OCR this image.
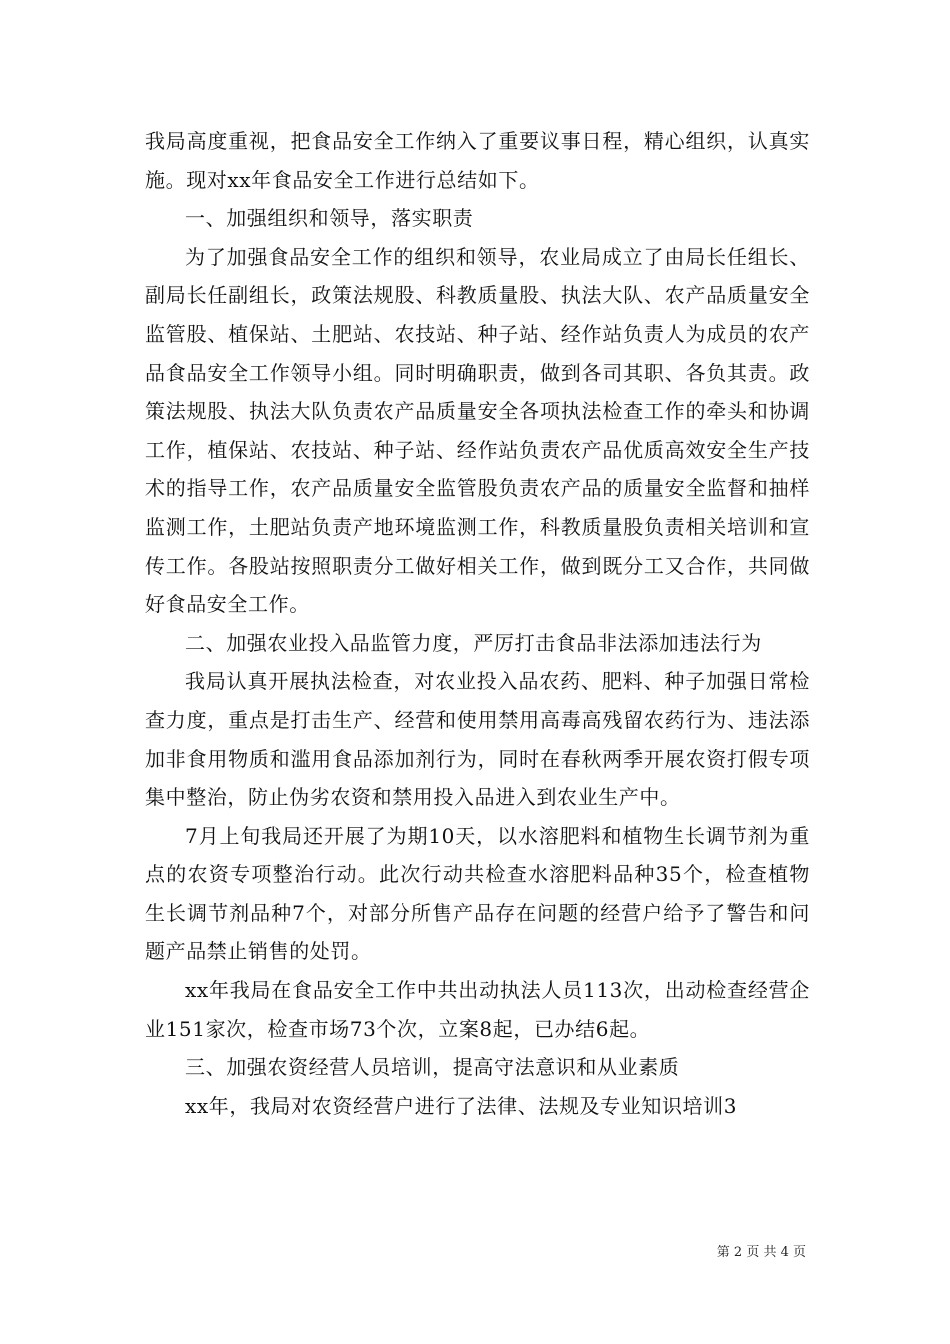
我局高度重视，把食品安全工作纳入了重要议事日程，精心组织，认真实施。现对xx年食品安全工作进行总结如下。

一、加强组织和领导，落实职责

为了加强食品安全工作的组织和领导，农业局成立了由局长任组长、副局长任副组长，政策法规股、科教质量股、执法大队、农产品质量安全监管股、植保站、土肥站、农技站、种子站、经作站负责人为成员的农产品食品安全工作领导小组。同时明确职责，做到各司其职、各负其责。政策法规股、执法大队负责农产品质量安全各项执法检查工作的牵头和协调工作，植保站、农技站、种子站、经作站负责农产品优质高效安全生产技术的指导工作，农产品质量安全监管股负责农产品的质量安全监督和抽样监测工作，土肥站负责产地环境监测工作，科教质量股负责相关培训和宣传工作。各股站按照职责分工做好相关工作，做到既分工又合作，共同做好食品安全工作。

二、加强农业投入品监管力度，严厉打击食品非法添加违法行为

我局认真开展执法检查，对农业投入品农药、肥料、种子加强日常检查力度，重点是打击生产、经营和使用禁用高毒高残留农药行为、违法添加非食用物质和滥用食品添加剂行为，同时在春秋两季开展农资打假专项集中整治，防止伪劣农资和禁用投入品进入到农业生产中。

7月上旬我局还开展了为期10天，以水溶肥料和植物生长调节剂为重点的农资专项整治行动。此次行动共检查水溶肥料品种35个，检查植物生长调节剂品种7个，对部分所售产品存在问题的经营户给予了警告和问题产品禁止销售的处罚。

xx年我局在食品安全工作中共出动执法人员113次，出动检查经营企业151家次，检查市场73个次，立案8起，已办结6起。

三、加强农资经营人员培训，提高守法意识和从业素质

xx年，我局对农资经营户进行了法律、法规及专业知识培训3

第 2 页 共 4 页
